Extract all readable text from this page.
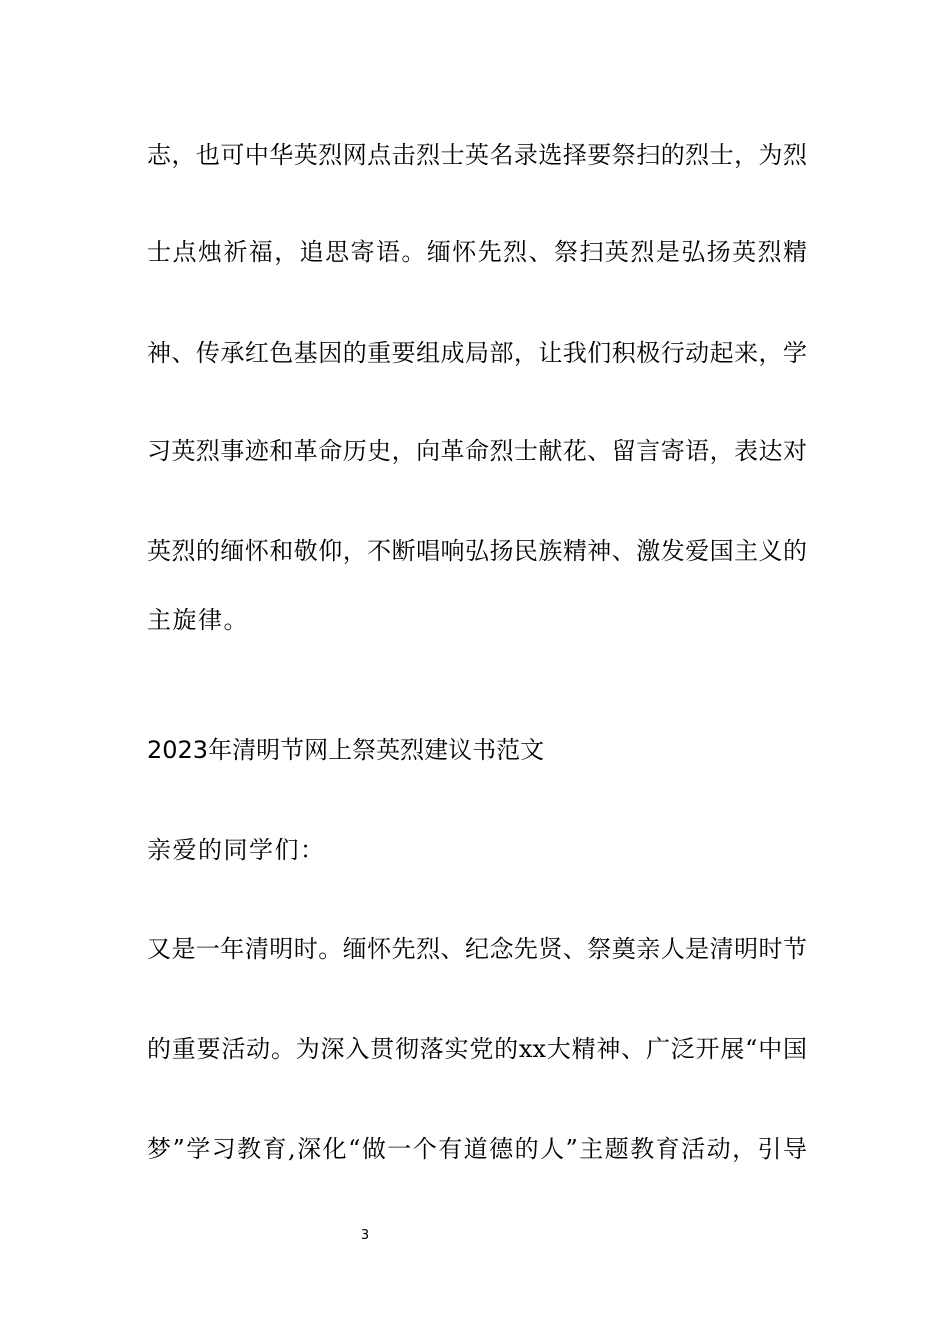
志，也可中华英烈网点击烈士英名录选择要祭扫的烈士，为烈
士点烛祈福，追思寄语。缅怀先烈、祭扫英烈是弘扬英烈精
神、传承红色基因的重要组成局部，让我们积极行动起来，学
习英烈事迹和革命历史，向革命烈士献花、留言寄语，表达对
英烈的缅怀和敬仰，不断唱响弘扬民族精神、激发爱国主义的
主旋律。
2023年清明节网上祭英烈建议书范文
亲爱的同学们：
又是一年清明时。缅怀先烈、纪念先贤、祭奠亲人是清明时节
的重要活动。为深入贯彻落实党的xx大精神、广泛开展“中国
梦”学习教育,深化“做一个有道德的人”主题教育活动，引导
3
